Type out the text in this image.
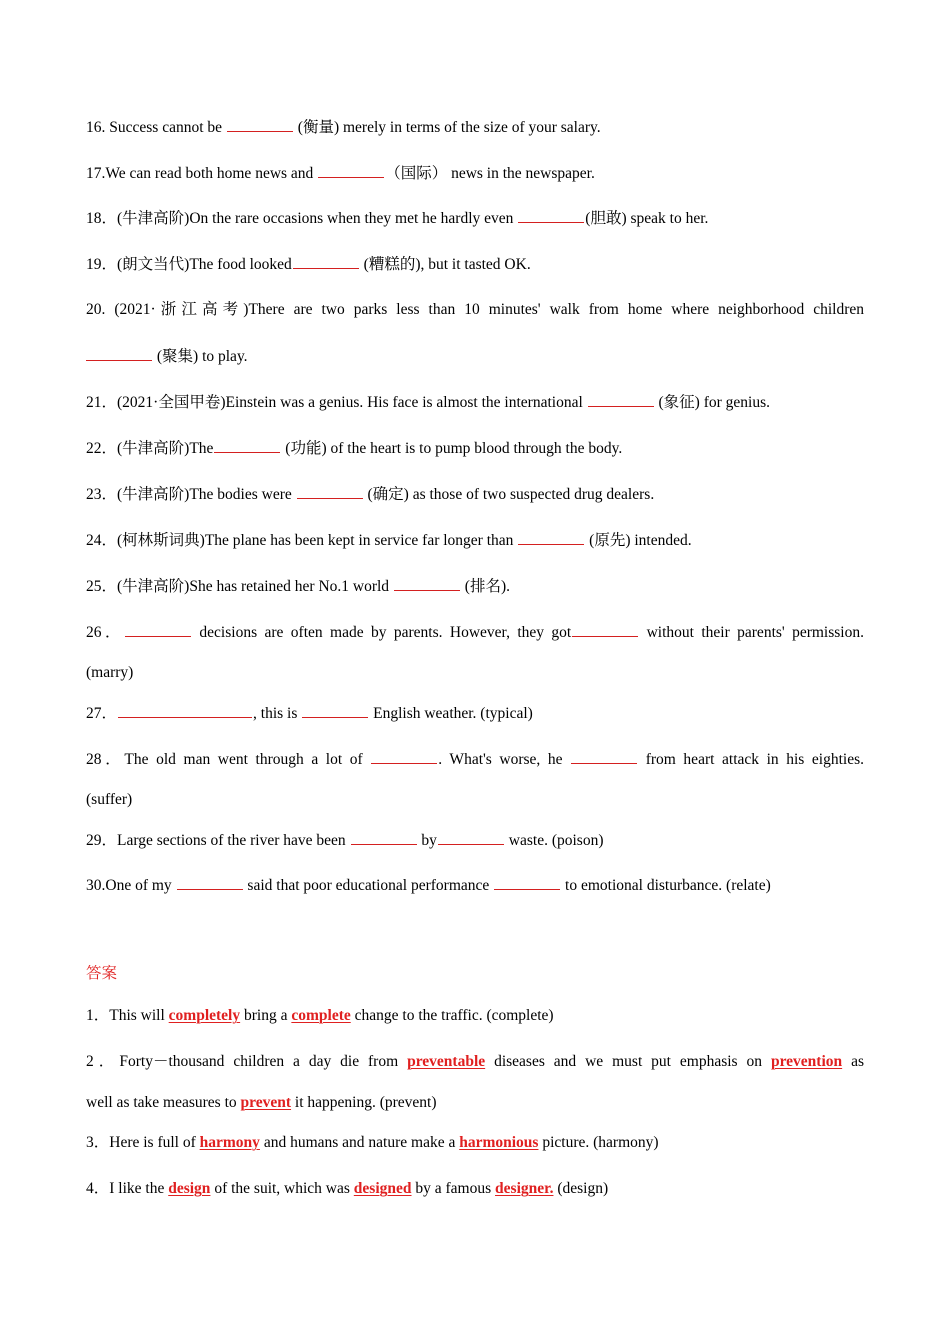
16. Success cannot be	(衡量) merely in terms of the size of your salary.
17.We can read both home news and	（国际） news in the newspaper.
18．(牛津高阶)On the rare occasions when they met he hardly even	(胆敢) speak to her.
19．(朗文当代)The food looked	(糟糕的), but it tasted OK.
20. (2021·浙江高考)There are two parks less than 10 minutes' walk from home where neighborhood children
(聚集) to play.
21．(2021·全国甲卷)Einstein was a genius. His face is almost the international	(象征) for genius.
22．(牛津高阶)The	(功能) of the heart is to pump blood through the body.
23．(牛津高阶)The bodies were	(确定) as those of two suspected drug dealers.
24．(柯林斯词典)The plane has been kept in service far longer than	(原先) intended.
25．(牛津高阶)She has retained her No.1 world	(排名).
26．	decisions are often made by parents. However, they got	without their parents' permission.
(marry)
27．	, this is	English weather. (typical)
28．The old man went through a lot of	. What's worse, he	from heart attack in his eighties.
(suffer)
29．Large sections of the river have been	by	waste. (poison)
30.One of my	said that poor educational performance	to emotional disturbance. (relate)
答案
1．This will completely bring a complete change to the traffic. (complete)
2．Forty－thousand children a day die from preventable diseases and we must put emphasis on prevention as
well as take measures to prevent it happening. (prevent)
3．Here is full of harmony and humans and nature make a harmonious picture. (harmony)
4．I like the design of the suit, which was designed by a famous designer. (design)
